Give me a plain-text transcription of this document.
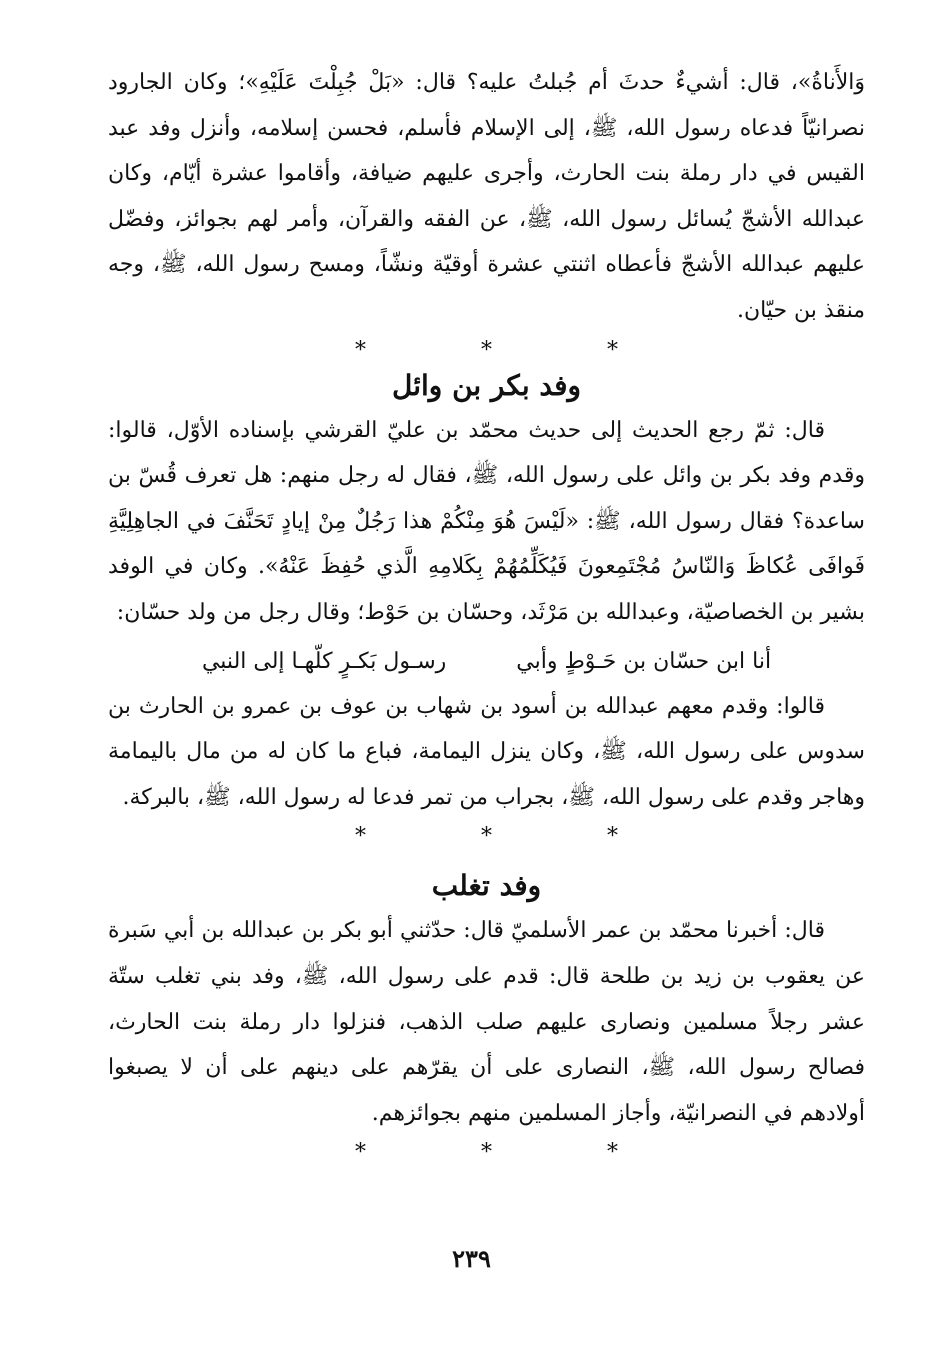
وَالأَناةُ»، قال: أشيءٌ حدثَ أم جُبلتُ عليه؟ قال: «بَلْ جُبِلْتَ عَلَيْهِ»؛ وكان الجارود نصرانيّاً فدعاه رسول الله، ﷺ، إلى الإسلام فأسلم، فحسن إسلامه، وأنزل وفد عبد القيس في دار رملة بنت الحارث، وأجرى عليهم ضيافة، وأقاموا عشرة أيّام، وكان عبدالله الأشجّ يُسائل رسول الله، ﷺ، عن الفقه والقرآن، وأمر لهم بجوائز، وفضّل عليهم عبدالله الأشجّ فأعطاه اثنتي عشرة أوقيّة ونشّاً، ومسح رسول الله، ﷺ، وجه منقذ بن حيّان.

* * *
وفد بكر بن وائل

قال: ثمّ رجع الحديث إلى حديث محمّد بن عليّ القرشي بإسناده الأوّل، قالوا: وقدم وفد بكر بن وائل على رسول الله، ﷺ، فقال له رجل منهم: هل تعرف قُسّ بن ساعدة؟ فقال رسول الله، ﷺ: «لَيْسَ هُوَ مِنْكُمْ هذا رَجُلٌ مِنْ إيادٍ تَحَنَّفَ في الجاهِلِيَّةِ فَوافَى عُكاظَ وَالنّاسُ مُجْتَمِعونَ فَيُكَلِّمُهُمْ بِكَلامِهِ الَّذي حُفِظَ عَنْهُ». وكان في الوفد بشير بن الخصاصيّة، وعبدالله بن مَرْثَد، وحسّان بن حَوْط؛ وقال رجل من ولد حسّان:

أنا ابن حسّان بن حَـوْطٍ وأبي
رسـول بَكـرٍ كلّهـا إلى النبي

قالوا: وقدم معهم عبدالله بن أسود بن شهاب بن عوف بن عمرو بن الحارث بن سدوس على رسول الله، ﷺ، وكان ينزل اليمامة، فباع ما كان له من مال باليمامة وهاجر وقدم على رسول الله، ﷺ، بجراب من تمر فدعا له رسول الله، ﷺ، بالبركة.

* * *
وفد تغلب

قال: أخبرنا محمّد بن عمر الأسلميّ قال: حدّثني أبو بكر بن عبدالله بن أبي سَبرة عن يعقوب بن زيد بن طلحة قال: قدم على رسول الله، ﷺ، وفد بني تغلب ستّة عشر رجلاً مسلمين ونصارى عليهم صلب الذهب، فنزلوا دار رملة بنت الحارث، فصالح رسول الله، ﷺ، النصارى على أن يقرّهم على دينهم على أن لا يصبغوا أولادهم في النصرانيّة، وأجاز المسلمين منهم بجوائزهم.

* * *
٢٣٩
